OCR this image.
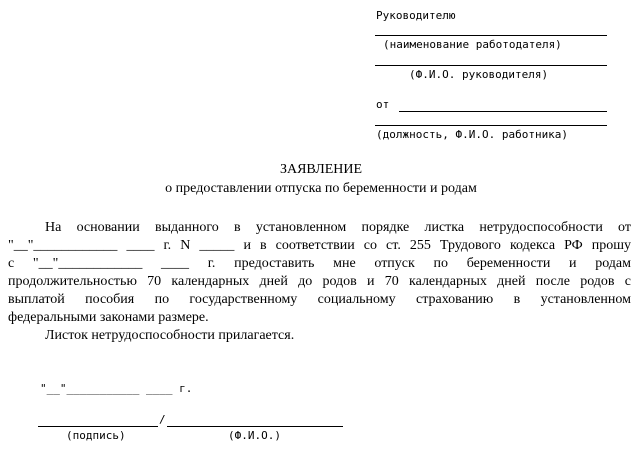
Руководителю
(наименование работодателя)
(Ф.И.О. руководителя)
от
(должность, Ф.И.О. работника)
ЗАЯВЛЕНИЕ
о предоставлении отпуска по беременности и родам
На основании выданного в установленном порядке листка нетрудоспособности от
"__"____________ ____ г. N _____ и в соответствии со ст. 255 Трудового кодекса РФ прошу
с "__"____________ ____ г. предоставить мне отпуск по беременности и родам
продолжительностью 70 календарных дней до родов и 70 календарных дней после родов с
выплатой пособия по государственному социальному страхованию в установленном
федеральными законами размере.
Листок нетрудоспособности прилагается.
"__"___________ ____ г.
/
(подпись)	(Ф.И.О.)
